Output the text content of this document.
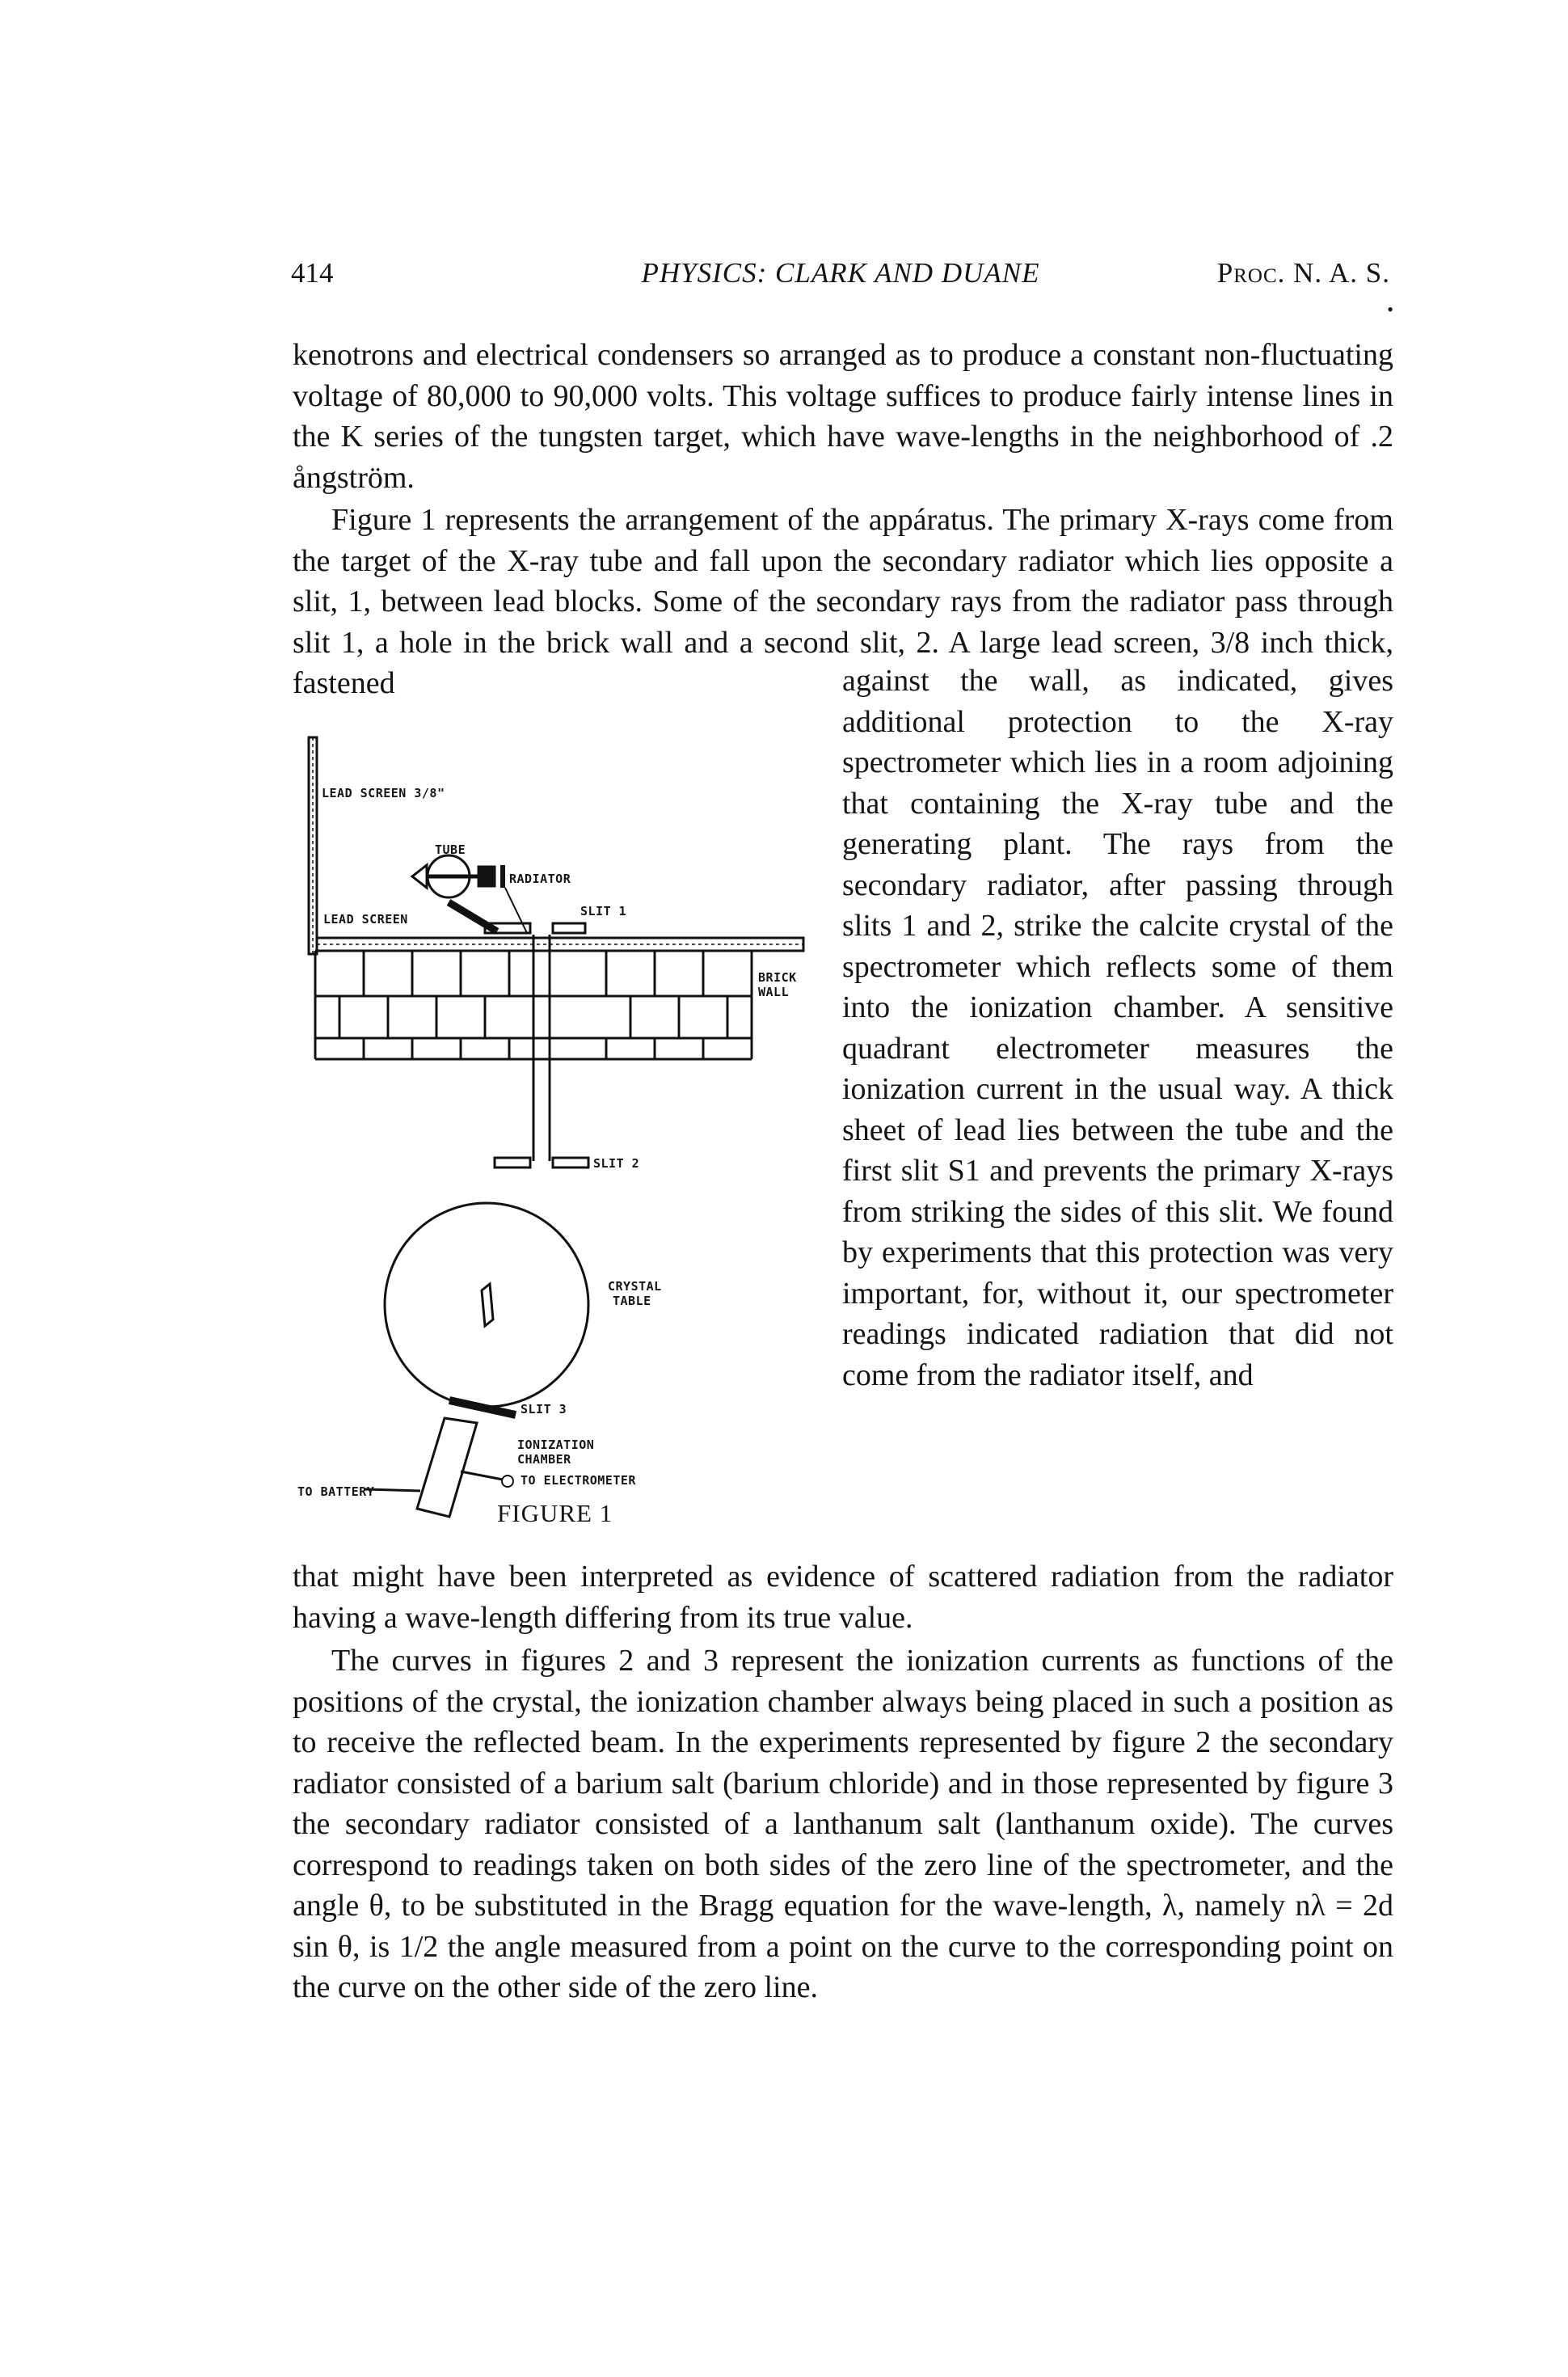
414	PHYSICS: CLARK AND DUANE	Proc. N. A. S.
•

kenotrons and electrical condensers so arranged as to produce a constant non-fluctuating voltage of 80,000 to 90,000 volts. This voltage suffices to produce fairly intense lines in the K series of the tungsten target, which have wave-lengths in the neighborhood of .2 ångström.

Figure 1 represents the arrangement of the appáratus. The primary X-rays come from the target of the X-ray tube and fall upon the secondary radiator which lies opposite a slit, 1, between lead blocks. Some of the secondary rays from the radiator pass through slit 1, a hole in the brick wall and a second slit, 2. A large lead screen, 3/8 inch thick, fastened	against the wall, as indicated, gives additional protection to the X-ray spectrometer which lies in a room adjoining that containing the X-ray tube and the generating plant. The rays from the secondary radiator, after passing through slits 1 and 2, strike the calcite crystal of the spectrometer which reflects some of them into the ionization chamber. A sensitive quadrant electrometer measures the ionization current in the usual way. A thick sheet of lead lies between the tube and the first slit S1 and prevents the primary X-rays from striking the sides of this slit. We found by experiments that this protection was very important, for, without it, our spectrometer readings indicated radiation that did not come from the radiator itself, and

that might have been interpreted as evidence of scattered radiation from the radiator having a wave-length differing from its true value.

The curves in figures 2 and 3 represent the ionization currents as functions of the positions of the crystal, the ionization chamber always being placed in such a position as to receive the reflected beam. In the experiments represented by figure 2 the secondary radiator consisted of a barium salt (barium chloride) and in those represented by figure 3 the secondary radiator consisted of a lanthanum salt (lanthanum oxide). The curves correspond to readings taken on both sides of the zero line of the spectrometer, and the angle θ, to be substituted in the Bragg equation for the wave-length, λ, namely nλ = 2d sin θ, is 1/2 the angle measured from a point on the curve to the corresponding point on the curve on the other side of the zero line.

LEAD SCREEN 3/8"
TUBE
RADIATOR
LEAD SCREEN
SLIT 1
BRICK
WALL
SLIT 2
CRYSTAL
TABLE
SLIT 3
IONIZATION
CHAMBER
TO ELECTROMETER
TO BATTERY
FIGURE 1
